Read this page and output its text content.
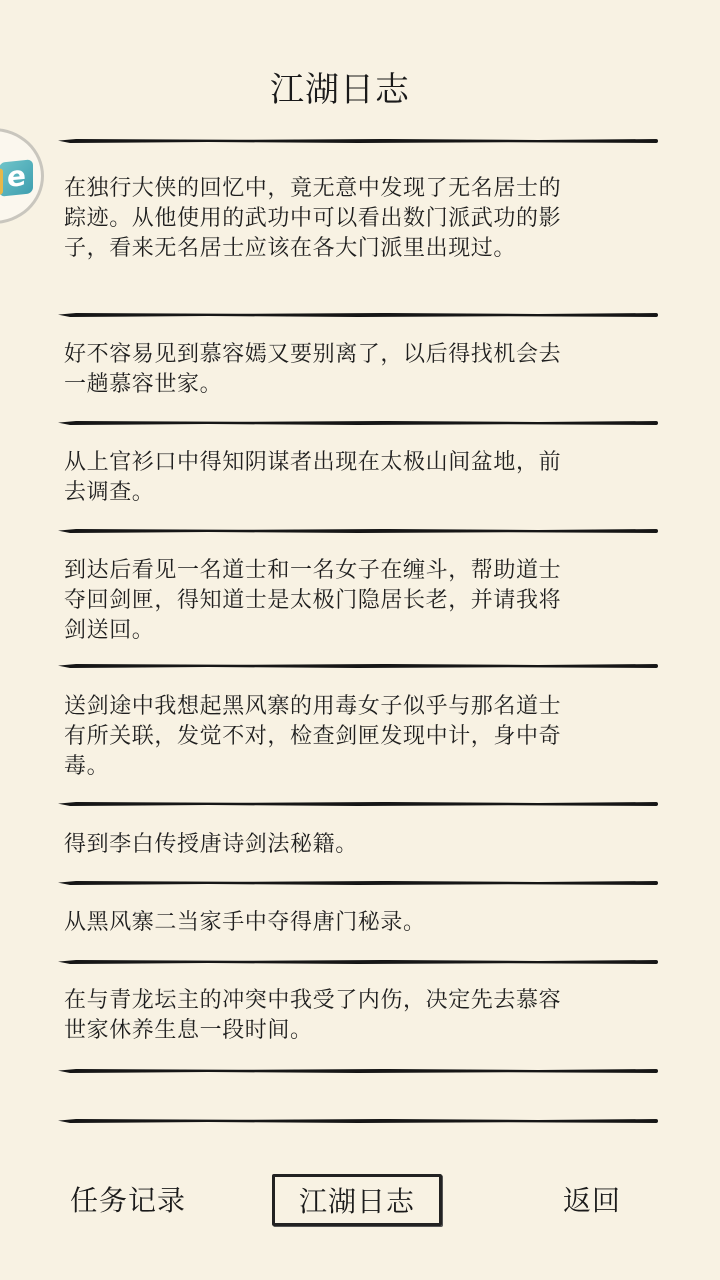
江湖日志
e
在独行大侠的回忆中，竟无意中发现了无名居士的踪迹。从他使用的武功中可以看出数门派武功的影子，看来无名居士应该在各大门派里出现过。
好不容易见到慕容嫣又要别离了，以后得找机会去一趟慕容世家。
从上官衫口中得知阴谋者出现在太极山间盆地，前去调查。
到达后看见一名道士和一名女子在缠斗，帮助道士夺回剑匣，得知道士是太极门隐居长老，并请我将剑送回。
送剑途中我想起黑风寨的用毒女子似乎与那名道士有所关联，发觉不对，检查剑匣发现中计，身中奇毒。
得到李白传授唐诗剑法秘籍。
从黑风寨二当家手中夺得唐门秘录。
在与青龙坛主的冲突中我受了内伤，决定先去慕容世家休养生息一段时间。
任务记录	江湖日志	返回
